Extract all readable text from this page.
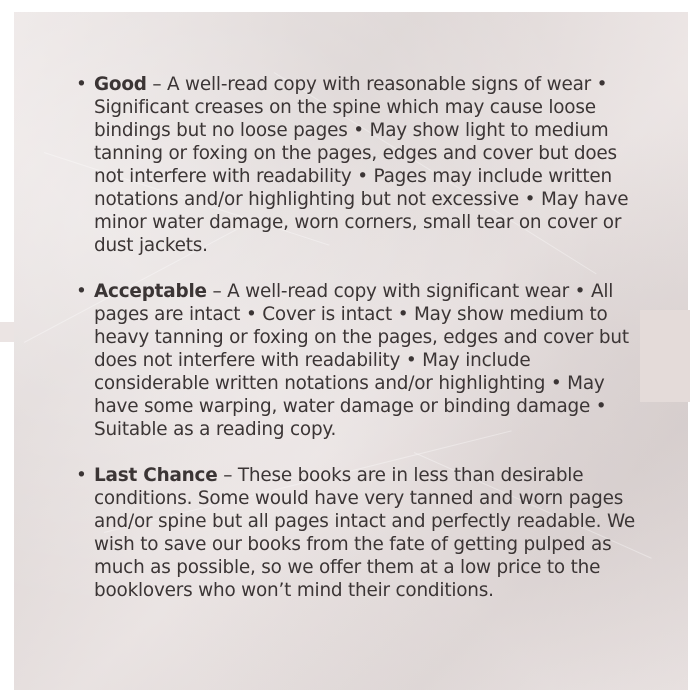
• Good – A well-read copy with reasonable signs of wear • Significant creases on the spine which may cause loose bindings but no loose pages • May show light to medium tanning or foxing on the pages, edges and cover but does not interfere with readability • Pages may include written notations and/or highlighting but not excessive • May have minor water damage, worn corners, small tear on cover or dust jackets.
• Acceptable – A well-read copy with significant wear • All pages are intact • Cover is intact • May show medium to heavy tanning or foxing on the pages, edges and cover but does not interfere with readability • May include considerable written notations and/or highlighting • May have some warping, water damage or binding damage • Suitable as a reading copy.
• Last Chance – These books are in less than desirable conditions. Some would have very tanned and worn pages and/or spine but all pages intact and perfectly readable. We wish to save our books from the fate of getting pulped as much as possible, so we offer them at a low price to the booklovers who won’t mind their conditions.
